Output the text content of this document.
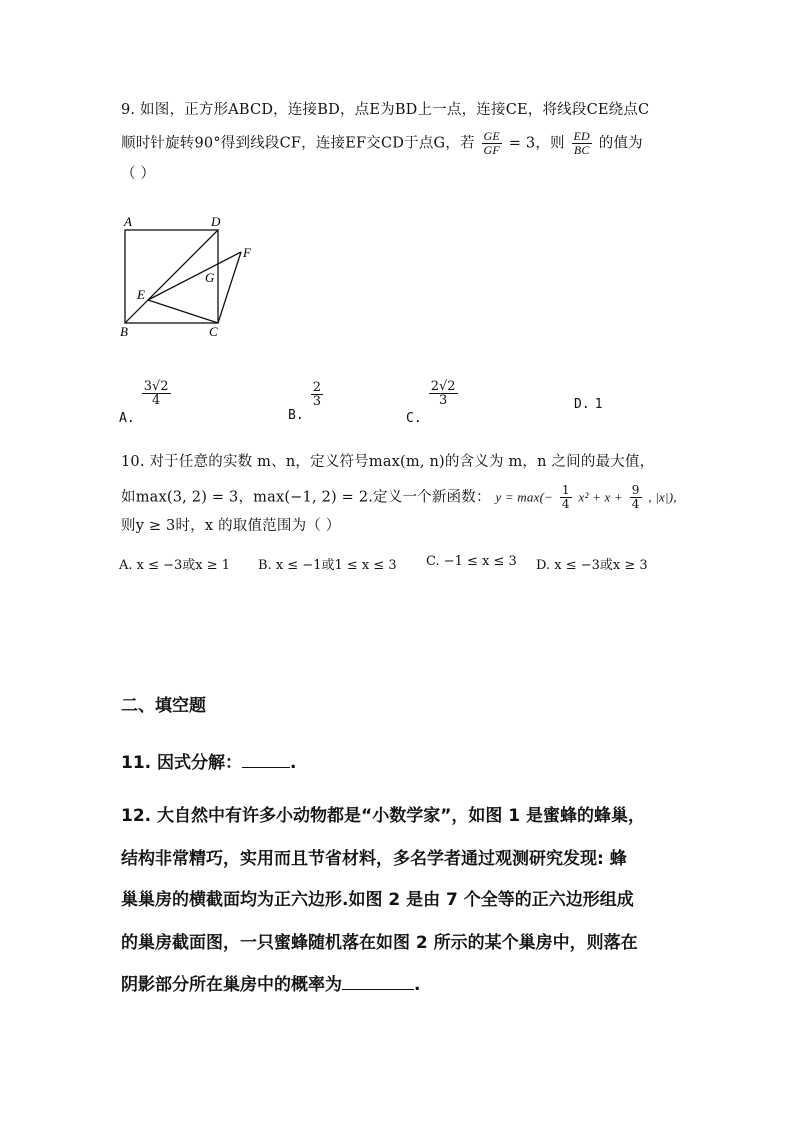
9. 如图，正方形ABCD，连接BD，点E为BD上一点，连接CE，将线段CE绕点C
顺时针旋转90°得到线段CF，连接EF交CD于点G，若 $\frac{GE}{GF} = 3$，则 $\frac{ED}{BC}$ 的值为
（ ）
A	D
F
G
E
B	C
$_{A.}$
$\frac{3√2}{4}$
$_{B.}$
$\frac{2}{3}$
$_{C.}$
$\frac{2√2}{3}$	D. 1
10. 对于任意的实数 m、n，定义符号max(m, n)的含义为 m，n 之间的最大值，
如max(3, 2) = 3，max(−1, 2) = 2.定义一个新函数： $y = \max(- \frac{1}{4} x^2 + x + \frac{9}{4}$ , |x|),
则y ≥ 3时，x 的取值范围为（ ）
A. x ≤ −3或x ≥ 1 B. x ≤ −1或1 ≤ x ≤ 3 C. −1 ≤ x ≤ 3 D. x ≤ −3或x ≥ 3
二、填空题
11. 因式分解：	.
12. 大自然中有许多小动物都是“小数学家”，如图 1 是蜜蜂的蜂巢，
结构非常精巧，实用而且节省材料，多名学者通过观测研究发现: 蜂
巢巢房的横截面均为正六边形.如图 2 是由 7 个全等的正六边形组成
的巢房截面图，一只蜜蜂随机落在如图 2 所示的某个巢房中，则落在
阴影部分所在巢房中的概率为	.
